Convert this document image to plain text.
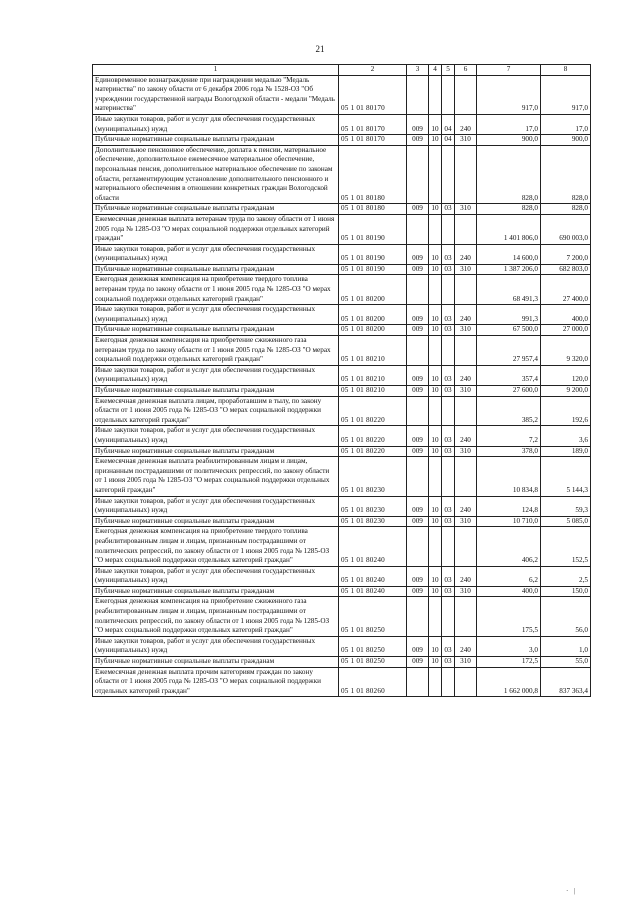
21
1	2	3	4	5	6	7	8
Единовременное вознаграждение при награждении медалью "Медаль материнства" по закону области от 6 декабря 2006 года № 1528-ОЗ "Об учреждении государственной награды Вологодской области - медали "Медаль материнства"	05 1 01 80170					917,0	917,0
Иные закупки товаров, работ и услуг для обеспечения государственных (муниципальных) нужд	05 1 01 80170	009	10	04	240	17,0	17,0
Публичные нормативные социальные выплаты гражданам	05 1 01 80170	009	10	04	310	900,0	900,0
Дополнительное пенсионное обеспечение, доплата к пенсии, материальное обеспечение, дополнительное ежемесячное материальное обеспечение, персональная пенсия, дополнительное материальное обеспечение по законам области, регламентирующим установление дополнительного пенсионного и материального обеспечения в отношении конкретных граждан Вологодской области	05 1 01 80180					828,0	828,0
Публичные нормативные социальные выплаты гражданам	05 1 01 80180	009	10	03	310	828,0	828,0
Ежемесячная денежная выплата ветеранам труда по закону области от 1 июня 2005 года № 1285-ОЗ "О мерах социальной поддержки отдельных категорий граждан"	05 1 01 80190					1 401 806,0	690 003,0
Иные закупки товаров, работ и услуг для обеспечения государственных (муниципальных) нужд	05 1 01 80190	009	10	03	240	14 600,0	7 200,0
Публичные нормативные социальные выплаты гражданам	05 1 01 80190	009	10	03	310	1 387 206,0	682 803,0
Ежегодная денежная компенсация на приобретение твердого топлива ветеранам труда по закону области от 1 июня 2005 года № 1285-ОЗ "О мерах социальной поддержки отдельных категорий граждан"	05 1 01 80200					68 491,3	27 400,0
Иные закупки товаров, работ и услуг для обеспечения государственных (муниципальных) нужд	05 1 01 80200	009	10	03	240	991,3	400,0
Публичные нормативные социальные выплаты гражданам	05 1 01 80200	009	10	03	310	67 500,0	27 000,0
Ежегодная денежная компенсация на приобретение сжиженного газа ветеранам труда по закону области от 1 июня 2005 года № 1285-ОЗ "О мерах социальной поддержки отдельных категорий граждан"	05 1 01 80210					27 957,4	9 320,0
Иные закупки товаров, работ и услуг для обеспечения государственных (муниципальных) нужд	05 1 01 80210	009	10	03	240	357,4	120,0
Публичные нормативные социальные выплаты гражданам	05 1 01 80210	009	10	03	310	27 600,0	9 200,0
Ежемесячная денежная выплата лицам, проработавшим в тылу, по закону области от 1 июня 2005 года № 1285-ОЗ "О мерах социальной поддержки отдельных категорий граждан"	05 1 01 80220					385,2	192,6
Иные закупки товаров, работ и услуг для обеспечения государственных (муниципальных) нужд	05 1 01 80220	009	10	03	240	7,2	3,6
Публичные нормативные социальные выплаты гражданам	05 1 01 80220	009	10	03	310	378,0	189,0
Ежемесячная денежная выплата реабилитированным лицам и лицам, признанным пострадавшими от политических репрессий, по закону области от 1 июня 2005 года № 1285-ОЗ "О мерах социальной поддержки отдельных категорий граждан"	05 1 01 80230					10 834,8	5 144,3
Иные закупки товаров, работ и услуг для обеспечения государственных (муниципальных) нужд	05 1 01 80230	009	10	03	240	124,8	59,3
Публичные нормативные социальные выплаты гражданам	05 1 01 80230	009	10	03	310	10 710,0	5 085,0
Ежегодная денежная компенсация на приобретение твердого топлива реабилитированным лицам и лицам, признанным пострадавшими от политических репрессий, по закону области от 1 июня 2005 года № 1285-ОЗ "О мерах социальной поддержки отдельных категорий граждан"	05 1 01 80240					406,2	152,5
Иные закупки товаров, работ и услуг для обеспечения государственных (муниципальных) нужд	05 1 01 80240	009	10	03	240	6,2	2,5
Публичные нормативные социальные выплаты гражданам	05 1 01 80240	009	10	03	310	400,0	150,0
Ежегодная денежная компенсация на приобретение сжиженного газа реабилитированным лицам и лицам, признанным пострадавшими от политических репрессий, по закону области от 1 июня 2005 года № 1285-ОЗ "О мерах социальной поддержки отдельных категорий граждан"	05 1 01 80250					175,5	56,0
Иные закупки товаров, работ и услуг для обеспечения государственных (муниципальных) нужд	05 1 01 80250	009	10	03	240	3,0	1,0
Публичные нормативные социальные выплаты гражданам	05 1 01 80250	009	10	03	310	172,5	55,0
Ежемесячная денежная выплата прочим категориям граждан по закону области от 1 июня 2005 года № 1285-ОЗ "О мерах социальной поддержки отдельных категорий граждан"	05 1 01 80260					1 662 000,8	837 363,4
·   |
